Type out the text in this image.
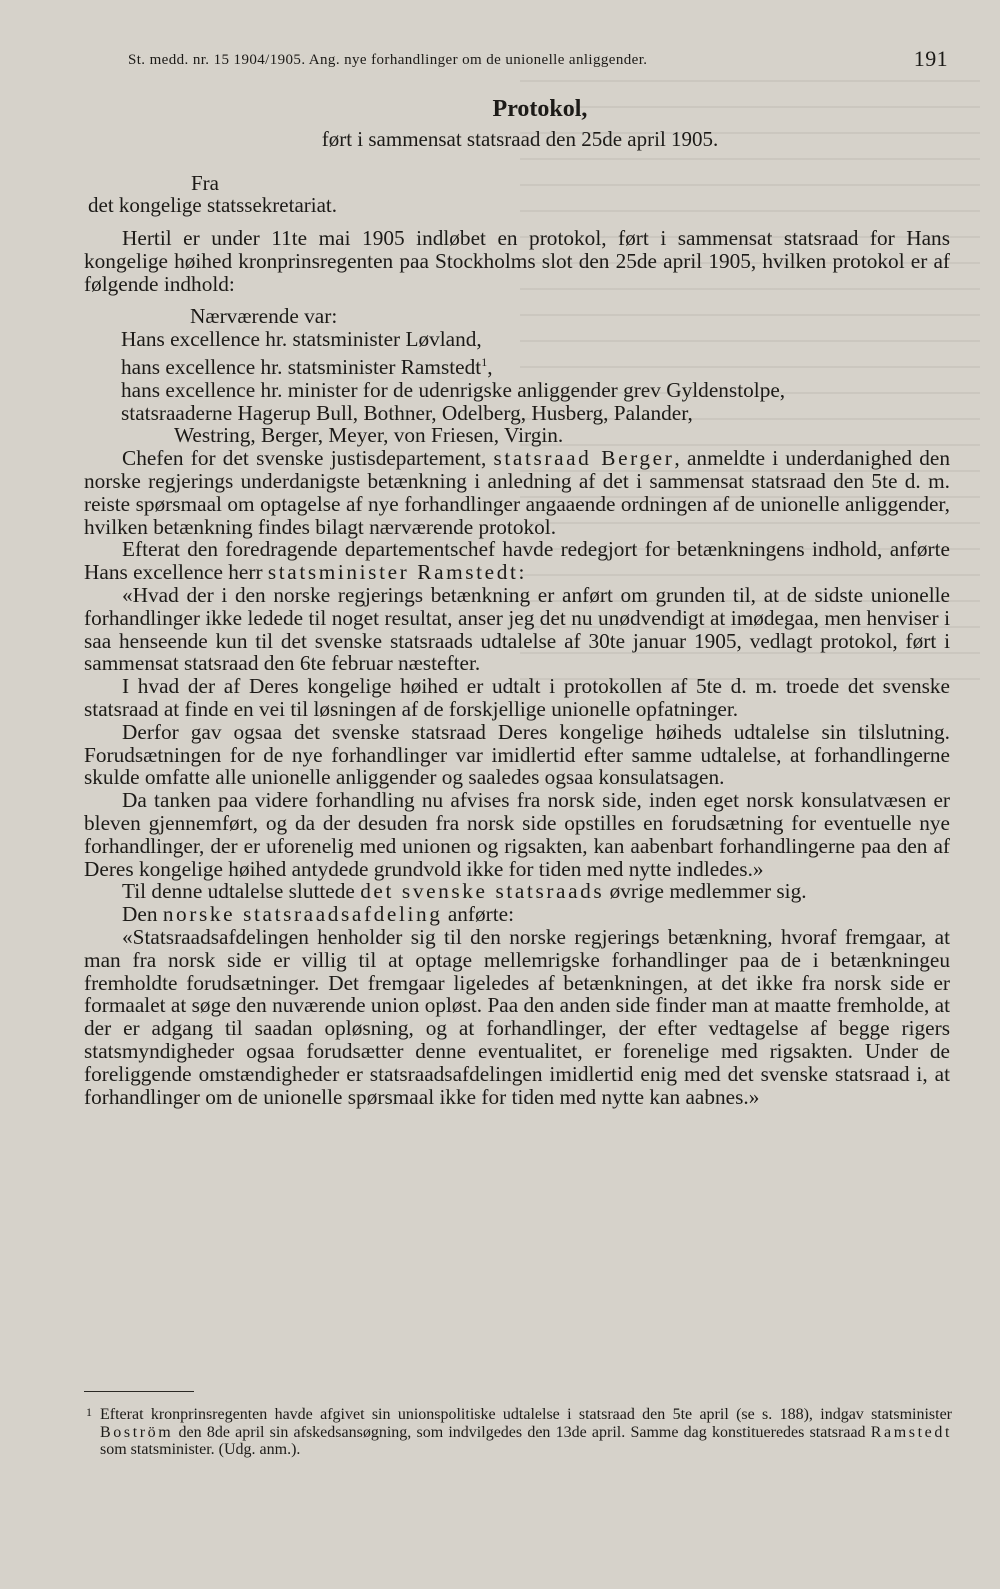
St. medd. nr. 15 1904/1905. Ang. nye forhandlinger om de unionelle anliggender.	191
Protokol,
ført i sammensat statsraad den 25de april 1905.
Fra
det kongelige statssekretariat.

Hertil er under 11te mai 1905 indløbet en protokol, ført i sammensat statsraad for Hans kongelige høihed kronprinsregenten paa Stockholms slot den 25de april 1905, hvilken protokol er af følgende indhold:

Nærværende var:
Hans excellence hr. statsminister Løvland,
hans excellence hr. statsminister Ramstedt$^1$,
hans excellence hr. minister for de udenrigske anliggender grev Gyldenstolpe,
statsraaderne Hagerup Bull, Bothner, Odelberg, Husberg, Palander,
Westring, Berger, Meyer, von Friesen, Virgin.

Chefen for det svenske justisdepartement, statsraad Berger, anmeldte i underdanighed den norske regjerings underdanigste betænkning i anledning af det i sammensat statsraad den 5te d. m. reiste spørsmaal om optagelse af nye forhandlinger angaaende ordningen af de unionelle anliggender, hvilken betænkning findes bilagt nærværende protokol.

Efterat den foredragende departementschef havde redegjort for betænkningens indhold, anførte Hans excellence herr statsminister Ramstedt:

«Hvad der i den norske regjerings betænkning er anført om grunden til, at de sidste unionelle forhandlinger ikke ledede til noget resultat, anser jeg det nu unødvendigt at imødegaa, men henviser i saa henseende kun til det svenske statsraads udtalelse af 30te januar 1905, vedlagt protokol, ført i sammensat statsraad den 6te februar næstefter.

I hvad der af Deres kongelige høihed er udtalt i protokollen af 5te d. m. troede det svenske statsraad at finde en vei til løsningen af de forskjellige unionelle opfatninger.

Derfor gav ogsaa det svenske statsraad Deres kongelige høiheds udtalelse sin tilslutning. Forudsætningen for de nye forhandlinger var imidlertid efter samme udtalelse, at forhandlingerne skulde omfatte alle unionelle anliggender og saaledes ogsaa konsulatsagen.

Da tanken paa videre forhandling nu afvises fra norsk side, inden eget norsk konsulatvæsen er bleven gjennemført, og da der desuden fra norsk side opstilles en forudsætning for eventuelle nye forhandlinger, der er uforenelig med unionen og rigsakten, kan aabenbart forhandlingerne paa den af Deres kongelige høihed antydede grundvold ikke for tiden med nytte indledes.»

Til denne udtalelse sluttede det svenske statsraads øvrige medlemmer sig.

Den norske statsraadsafdeling anførte:

«Statsraadsafdelingen henholder sig til den norske regjerings betænkning, hvoraf fremgaar, at man fra norsk side er villig til at optage mellemrigske forhandlinger paa de i betænkningeu fremholdte forudsætninger. Det fremgaar ligeledes af betænkningen, at det ikke fra norsk side er formaalet at søge den nuværende union opløst. Paa den anden side finder man at maatte fremholde, at der er adgang til saadan opløsning, og at forhandlinger, der efter vedtagelse af begge rigers statsmyndigheder ogsaa forudsætter denne eventualitet, er forenelige med rigsakten. Under de foreliggende omstændigheder er statsraadsafdelingen imidlertid enig med det svenske statsraad i, at forhandlinger om de unionelle spørsmaal ikke for tiden med nytte kan aabnes.»

1 Efterat kronprinsregenten havde afgivet sin unionspolitiske udtalelse i statsraad den 5te april (se s. 188), indgav statsminister Boström den 8de april sin afskedsansøgning, som indvilgedes den 13de april. Samme dag konstitueredes statsraad Ramstedt som statsminister. (Udg. anm.).
